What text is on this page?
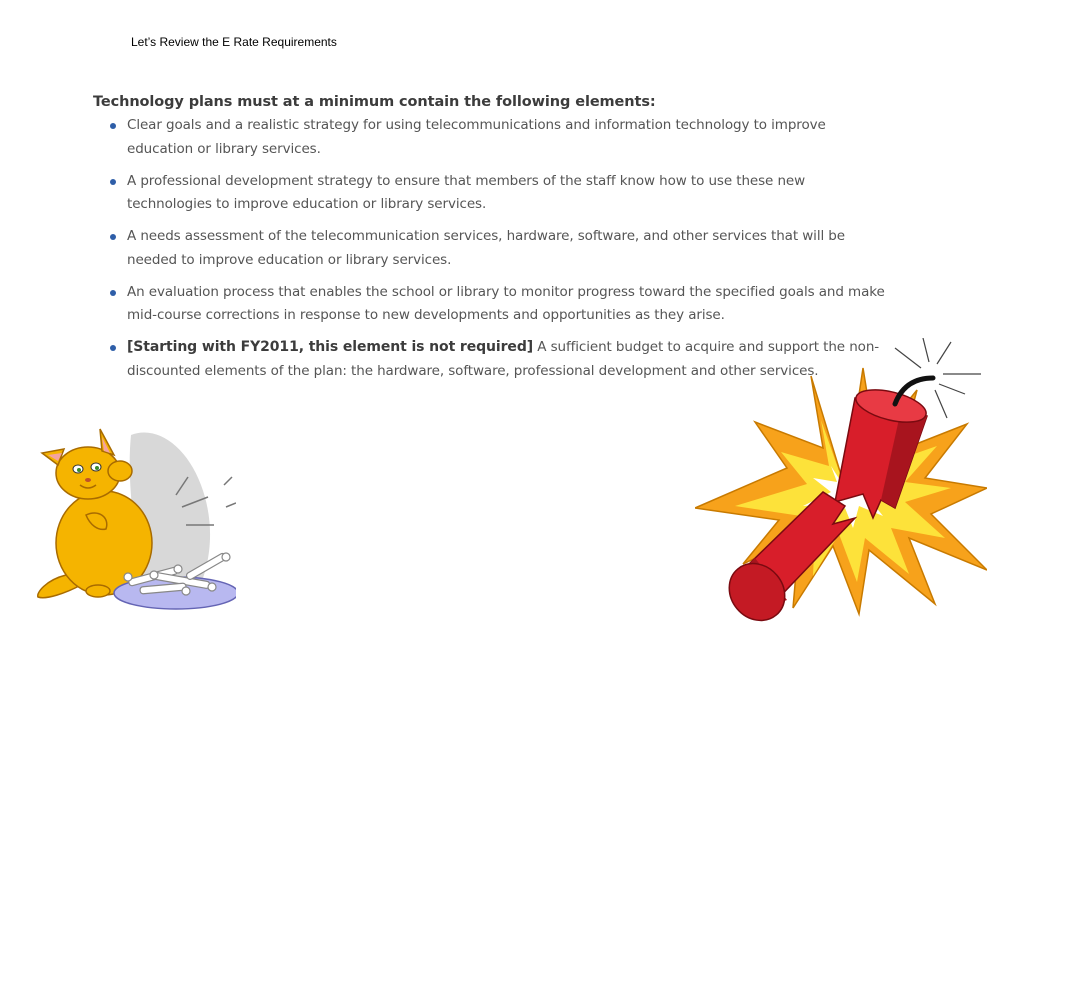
Let’s Review the E Rate Requirements
Technology plans must at a minimum contain the following elements:
Clear goals and a realistic strategy for using telecommunications and information technology to improve education or library services.
A professional development strategy to ensure that members of the staff know how to use these new technologies to improve education or library services.
A needs assessment of the telecommunication services, hardware, software, and other services that will be needed to improve education or library services.
An evaluation process that enables the school or library to monitor progress toward the specified goals and make mid-course corrections in response to new developments and opportunities as they arise.
[Starting with FY2011, this element is not required] A sufficient budget to acquire and support the non-discounted elements of the plan: the hardware, software, professional development and other services.
